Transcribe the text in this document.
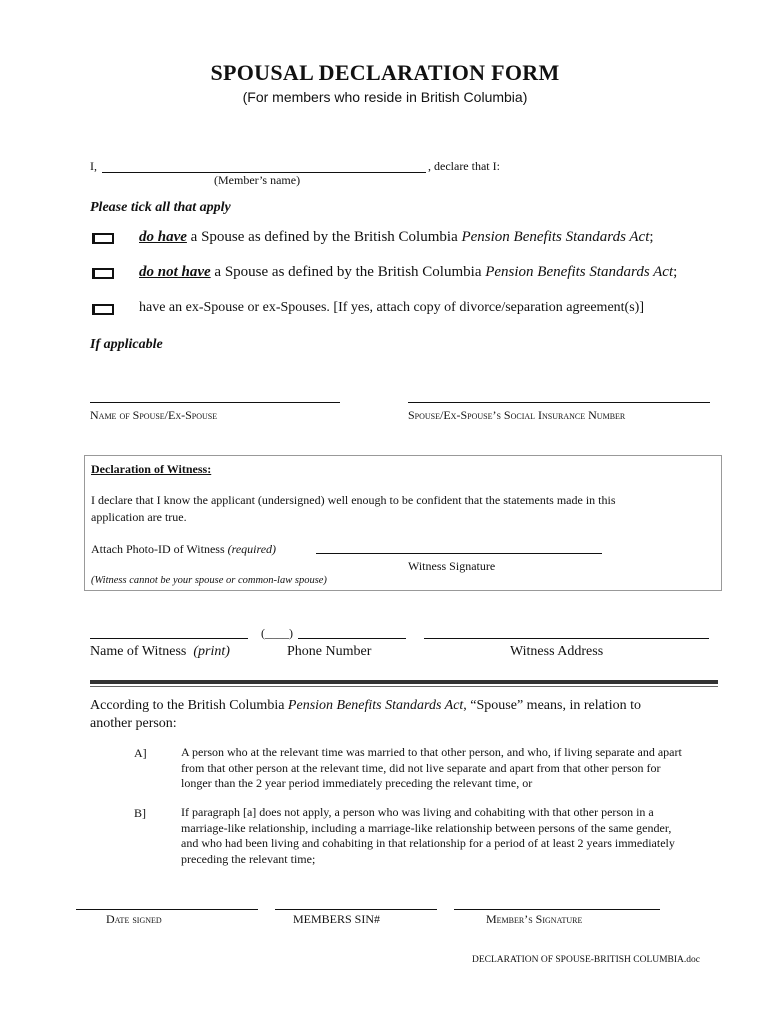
SPOUSAL DECLARATION FORM
(For members who reside in British Columbia)
I,	, declare that I:
(Member’s name)
Please tick all that apply
do have a Spouse as defined by the British Columbia Pension Benefits Standards Act;
do not have a Spouse as defined by the British Columbia Pension Benefits Standards Act;
have an ex-Spouse or ex-Spouses. [If yes, attach copy of divorce/separation agreement(s)]
If applicable
Name of Spouse/Ex-Spouse	Spouse/Ex-Spouse’s Social Insurance Number
Declaration of Witness:
I declare that I know the applicant (undersigned) well enough to be confident that the statements made in this
application are true.
Attach Photo-ID of Witness (required)
Witness Signature
(Witness cannot be your spouse or common-law spouse)
(____)
Name of Witness (print)	Phone Number	Witness Address
According to the British Columbia Pension Benefits Standards Act, “Spouse” means, in relation to
another person:
A]	A person who at the relevant time was married to that other person, and who, if living separate and apart from that other person at the relevant time, did not live separate and apart from that other person for longer than the 2 year period immediately preceding the relevant time, or
B]	If paragraph [a] does not apply, a person who was living and cohabiting with that other person in a marriage-like relationship, including a marriage-like relationship between persons of the same gender, and who had been living and cohabiting in that relationship for a period of at least 2 years immediately preceding the relevant time;
Date signed	MEMBERS SIN#	Member’s Signature
DECLARATION OF SPOUSE-BRITISH COLUMBIA.doc
